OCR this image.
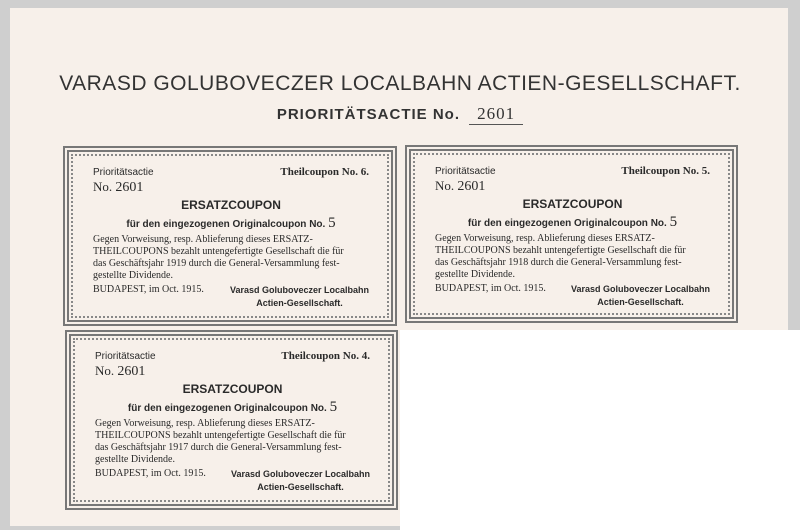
VARASD GOLUBOVECZER LOCALBAHN ACTIEN-GESELLSCHAFT.
PRIORITÄTSACTIE No. 2601
Prioritätsactie	Theilcoupon No. 6.
No. 2601
ERSATZCOUPON
für den eingezogenen Originalcoupon No. 5
Gegen Vorweisung, resp. Ablieferung dieses ERSATZ-
THEILCOUPONS bezahlt untengefertigte Gesellschaft die für
das Geschäftsjahr 1919 durch die General-Versammlung fest-
gestellte Dividende.
BUDAPEST, im Oct. 1915.	Varasd Goluboveczer Localbahn
Actien-Gesellschaft.
Prioritätsactie	Theilcoupon No. 5.
No. 2601
ERSATZCOUPON
für den eingezogenen Originalcoupon No. 5
Gegen Vorweisung, resp. Ablieferung dieses ERSATZ-
THEILCOUPONS bezahlt untengefertigte Gesellschaft die für
das Geschäftsjahr 1918 durch die General-Versammlung fest-
gestellte Dividende.
BUDAPEST, im Oct. 1915.	Varasd Goluboveczer Localbahn
Actien-Gesellschaft.
Prioritätsactie	Theilcoupon No. 4.
No. 2601
ERSATZCOUPON
für den eingezogenen Originalcoupon No. 5
Gegen Vorweisung, resp. Ablieferung dieses ERSATZ-
THEILCOUPONS bezahlt untengefertigte Gesellschaft die für
das Geschäftsjahr 1917 durch die General-Versammlung fest-
gestellte Dividende.
BUDAPEST, im Oct. 1915.	Varasd Goluboveczer Localbahn
Actien-Gesellschaft.
